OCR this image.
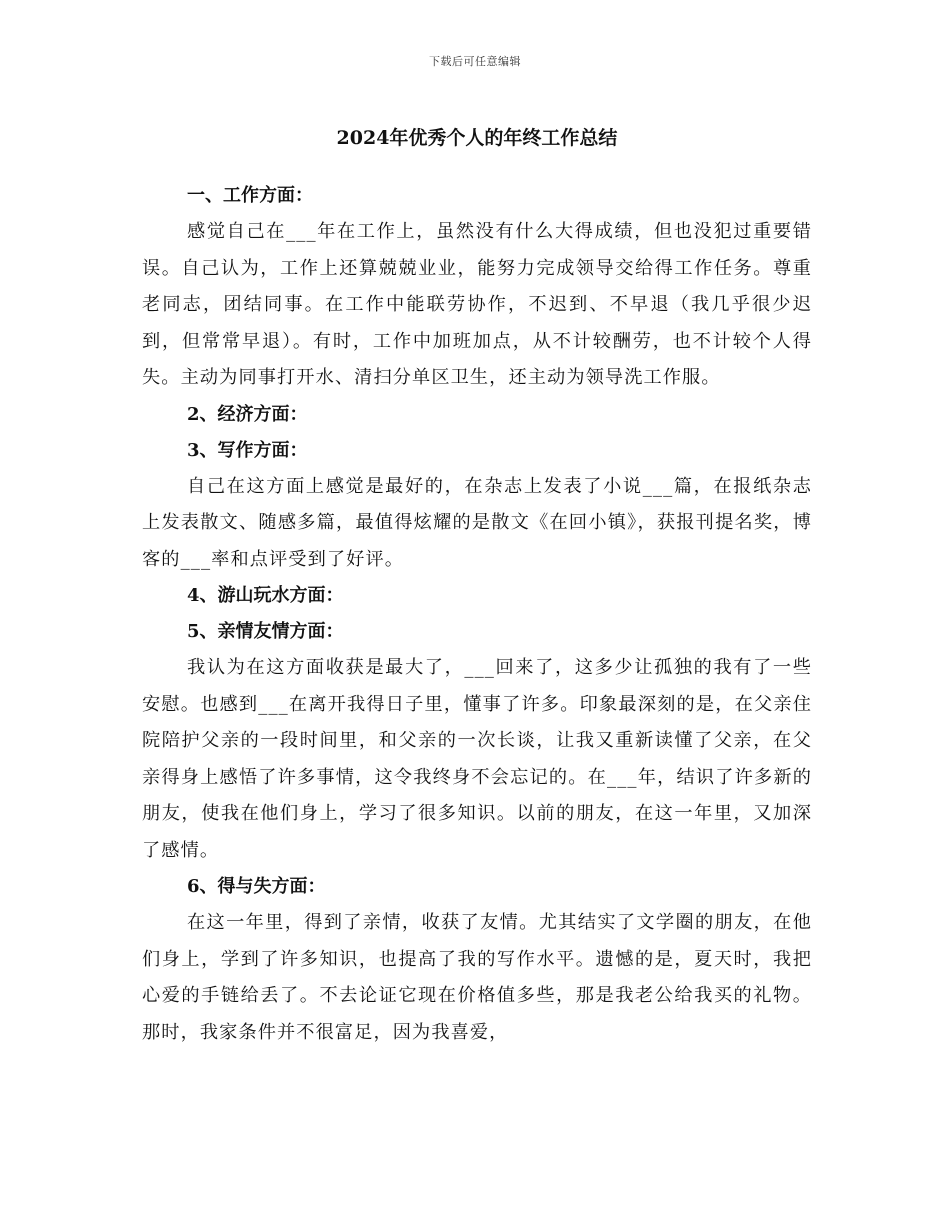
下载后可任意编辑
2024年优秀个人的年终工作总结

一、工作方面：

感觉自己在___年在工作上，虽然没有什么大得成绩，但也没犯过重要错误。自己认为，工作上还算兢兢业业，能努力完成领导交给得工作任务。尊重老同志，团结同事。在工作中能联劳协作，不迟到、不早退（我几乎很少迟到，但常常早退）。有时，工作中加班加点，从不计较酬劳，也不计较个人得失。主动为同事打开水、清扫分单区卫生，还主动为领导洗工作服。

2、经济方面：

3、写作方面：

自己在这方面上感觉是最好的，在杂志上发表了小说___篇，在报纸杂志上发表散文、随感多篇，最值得炫耀的是散文《在回小镇》，获报刊提名奖，博客的___率和点评受到了好评。

4、游山玩水方面：

5、亲情友情方面：

我认为在这方面收获是最大了，___回来了，这多少让孤独的我有了一些安慰。也感到___在离开我得日子里，懂事了许多。印象最深刻的是，在父亲住院陪护父亲的一段时间里，和父亲的一次长谈，让我又重新读懂了父亲，在父亲得身上感悟了许多事情，这令我终身不会忘记的。在___年，结识了许多新的朋友，使我在他们身上，学习了很多知识。以前的朋友，在这一年里，又加深了感情。

6、得与失方面：

在这一年里，得到了亲情，收获了友情。尤其结实了文学圈的朋友，在他们身上，学到了许多知识，也提高了我的写作水平。遗憾的是，夏天时，我把心爱的手链给丢了。不去论证它现在价格值多些，那是我老公给我买的礼物。那时，我家条件并不很富足，因为我喜爱，
